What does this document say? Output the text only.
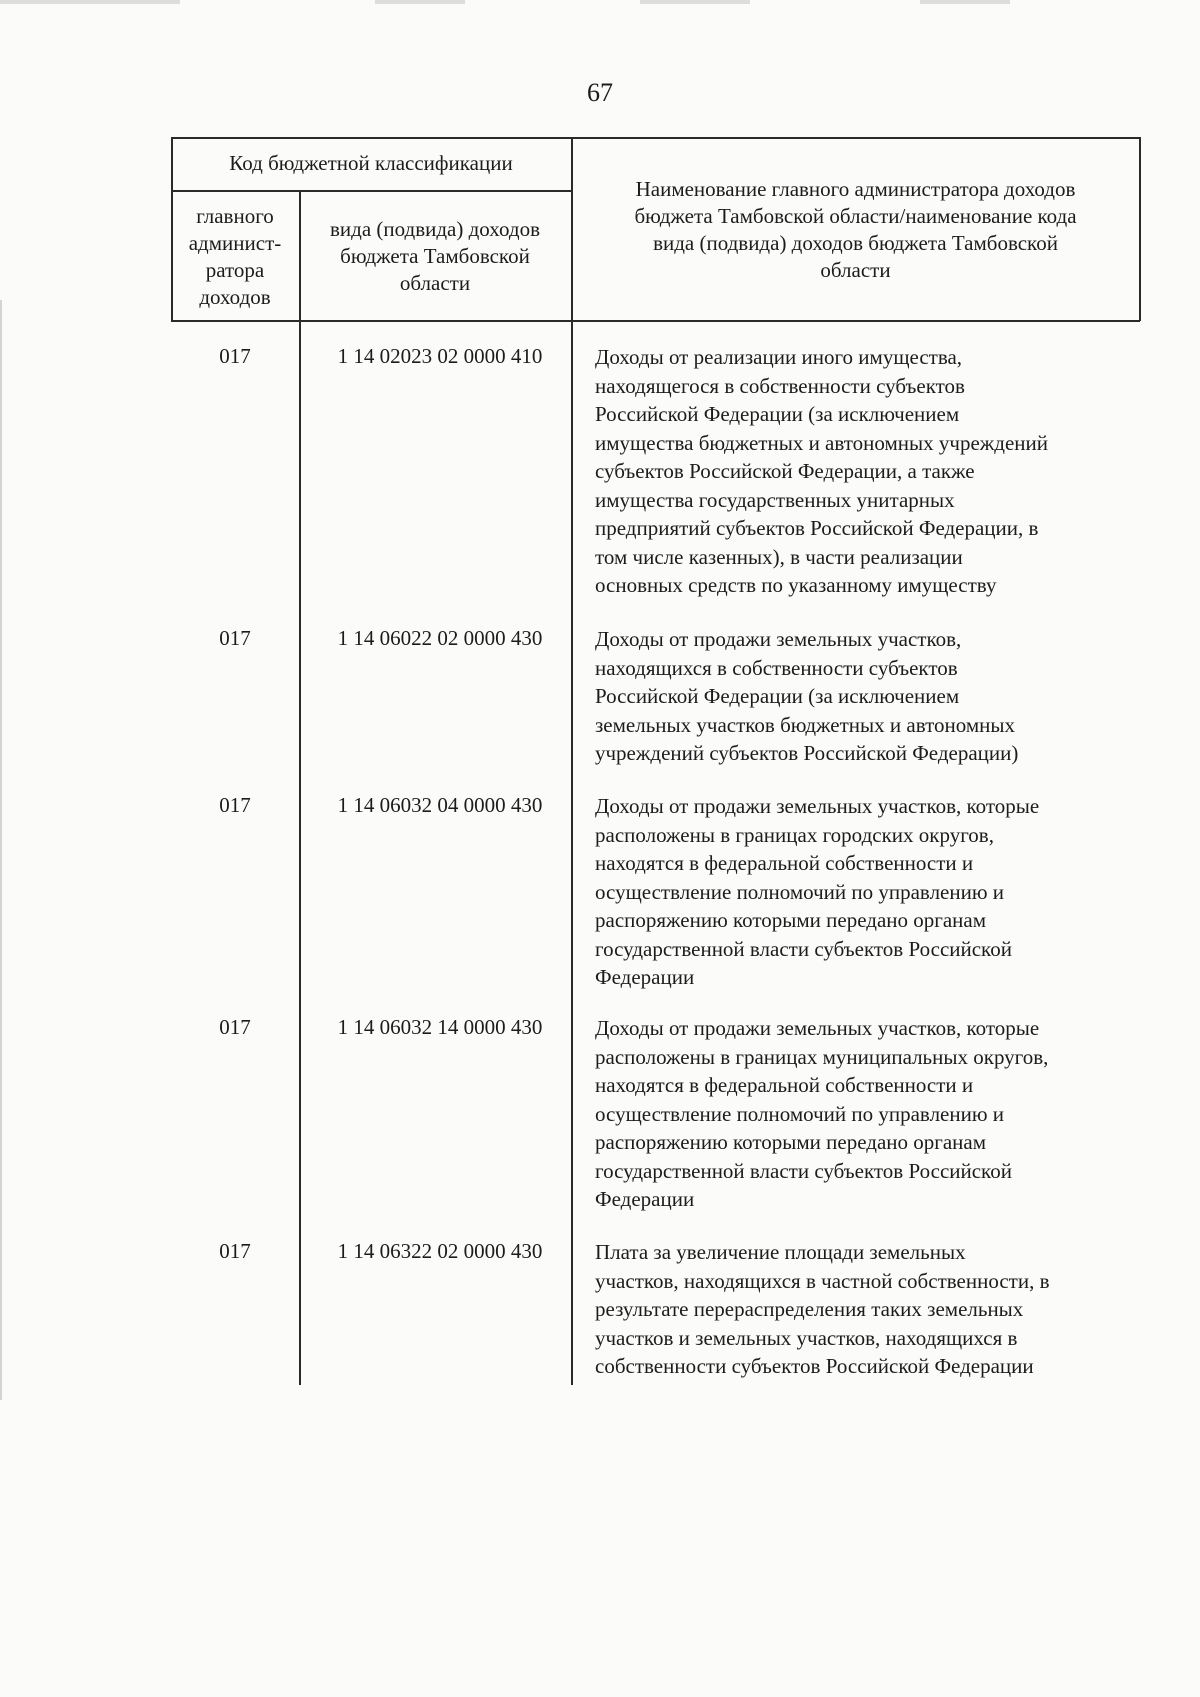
67
Код бюджетной классификации
главного
админист-
ратора
доходов
вида (подвида) доходов
бюджета Тамбовской
области
Наименование главного администратора доходов
бюджета Тамбовской области/наименование кода
вида (подвида) доходов бюджета Тамбовской
области
017	1 14 02023 02 0000 410	Доходы от реализации иного имущества,
находящегося в собственности субъектов
Российской Федерации (за исключением
имущества бюджетных и автономных учреждений
субъектов Российской Федерации, а также
имущества государственных унитарных
предприятий субъектов Российской Федерации, в
том числе казенных), в части реализации
основных средств по указанному имуществу
017	1 14 06022 02 0000 430	Доходы от продажи земельных участков,
находящихся в собственности субъектов
Российской Федерации (за исключением
земельных участков бюджетных и автономных
учреждений субъектов Российской Федерации)
017	1 14 06032 04 0000 430	Доходы от продажи земельных участков, которые
расположены в границах городских округов,
находятся в федеральной собственности и
осуществление полномочий по управлению и
распоряжению которыми передано органам
государственной власти субъектов Российской
Федерации
017	1 14 06032 14 0000 430	Доходы от продажи земельных участков, которые
расположены в границах муниципальных округов,
находятся в федеральной собственности и
осуществление полномочий по управлению и
распоряжению которыми передано органам
государственной власти субъектов Российской
Федерации
017	1 14 06322 02 0000 430	Плата за увеличение площади земельных
участков, находящихся в частной собственности, в
результате перераспределения таких земельных
участков и земельных участков, находящихся в
собственности субъектов Российской Федерации
